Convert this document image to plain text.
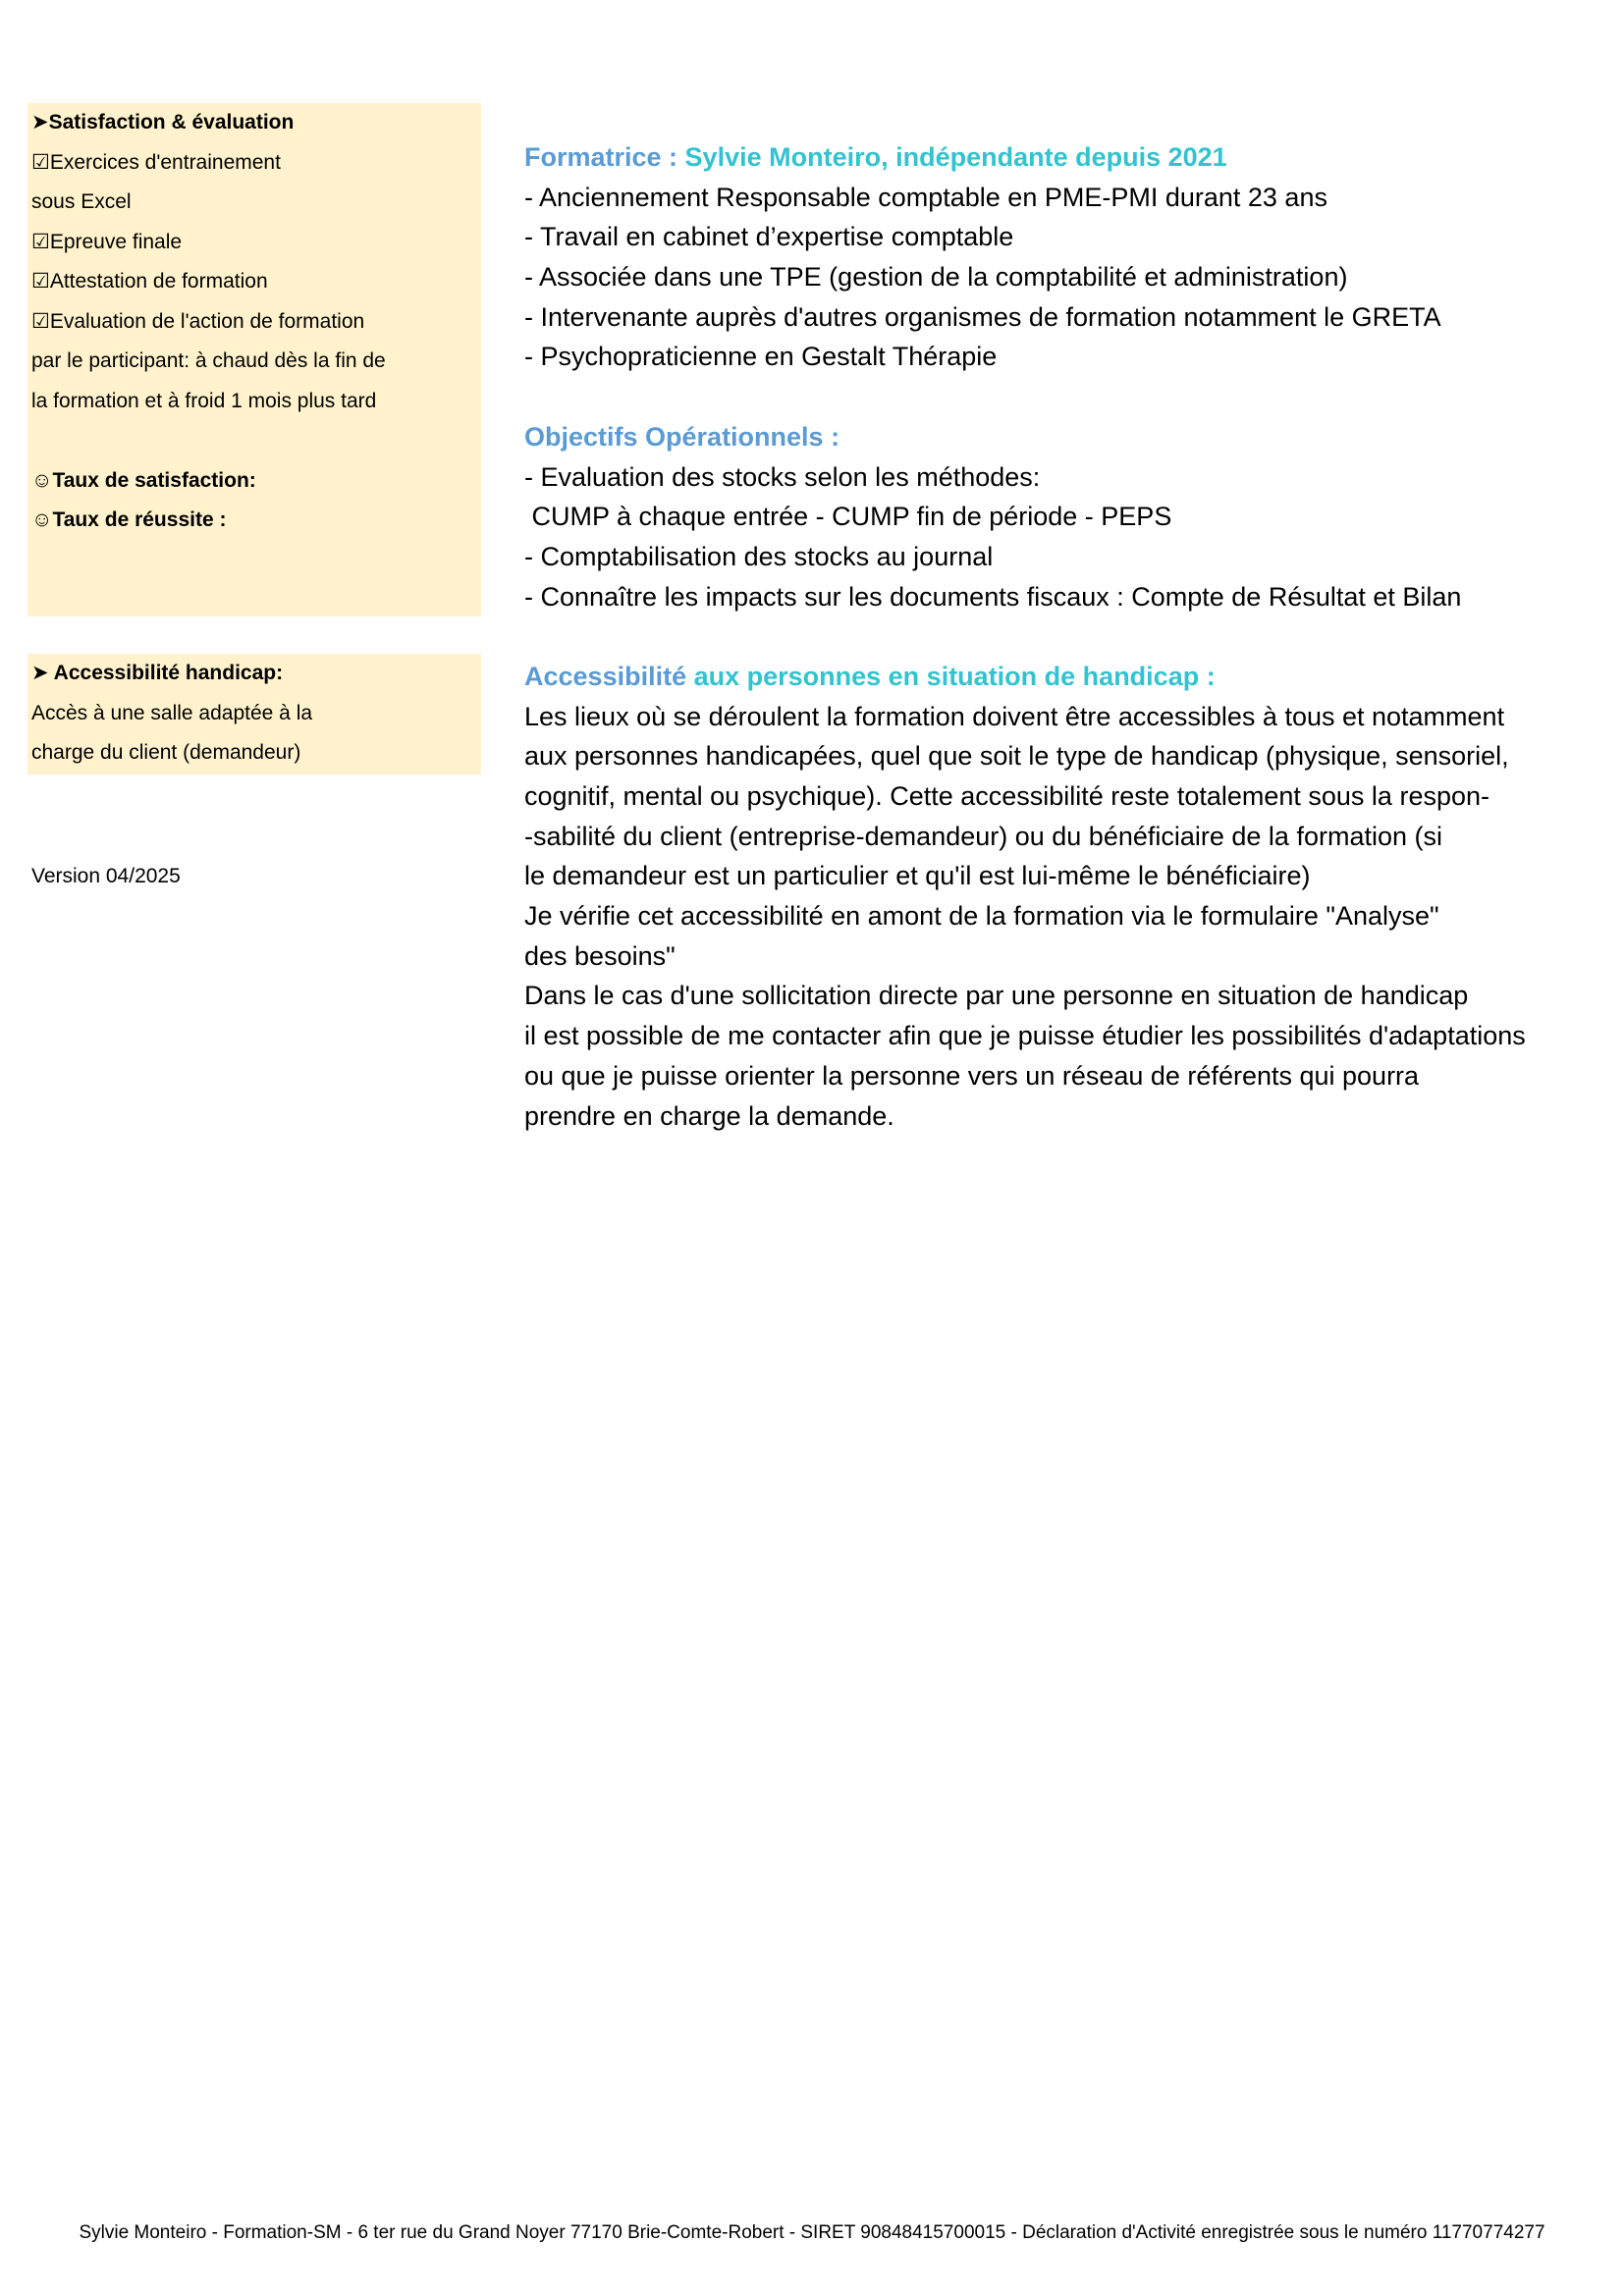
➤Satisfaction & évaluation
☑Exercices d'entrainement
sous Excel
☑Epreuve finale
☑Attestation de formation
☑Evaluation de l'action de formation
par le participant: à chaud dès la fin de
la formation et à froid 1 mois plus tard
☺Taux de satisfaction:
☺Taux de réussite :
➤ Accessibilité handicap:
Accès à une salle adaptée à la
charge du client (demandeur)
Version 04/2025
Formatrice : Sylvie Monteiro, indépendante depuis 2021
- Anciennement Responsable comptable en PME-PMI durant 23 ans
- Travail en cabinet d’expertise comptable
- Associée dans une TPE (gestion de la comptabilité et administration)
- Intervenante auprès d'autres organismes de formation notamment le GRETA
- Psychopraticienne en Gestalt Thérapie
Objectifs Opérationnels :
- Evaluation des stocks selon les méthodes:
CUMP à chaque entrée - CUMP fin de période - PEPS
- Comptabilisation des stocks au journal
- Connaître les impacts sur les documents fiscaux : Compte de Résultat et Bilan
Accessibilité aux personnes en situation de handicap :
Les lieux où se déroulent la formation doivent être accessibles à tous et notamment
aux personnes handicapées, quel que soit le type de handicap (physique, sensoriel,
cognitif, mental ou psychique). Cette accessibilité reste totalement sous la respon-
-sabilité du client (entreprise-demandeur) ou du bénéficiaire de la formation (si
le demandeur est un particulier et qu'il est lui-même le bénéficiaire)
Je vérifie cet accessibilité en amont de la formation via le formulaire "Analyse"
des besoins"
Dans le cas d'une sollicitation directe par une personne en situation de handicap
il est possible de me contacter afin que je puisse étudier les possibilités d'adaptations
ou que je puisse orienter la personne vers un réseau de référents qui pourra
prendre en charge la demande.
Sylvie Monteiro - Formation-SM - 6 ter rue du Grand Noyer 77170 Brie-Comte-Robert - SIRET 90848415700015 - Déclaration d'Activité enregistrée sous le numéro 11770774277
